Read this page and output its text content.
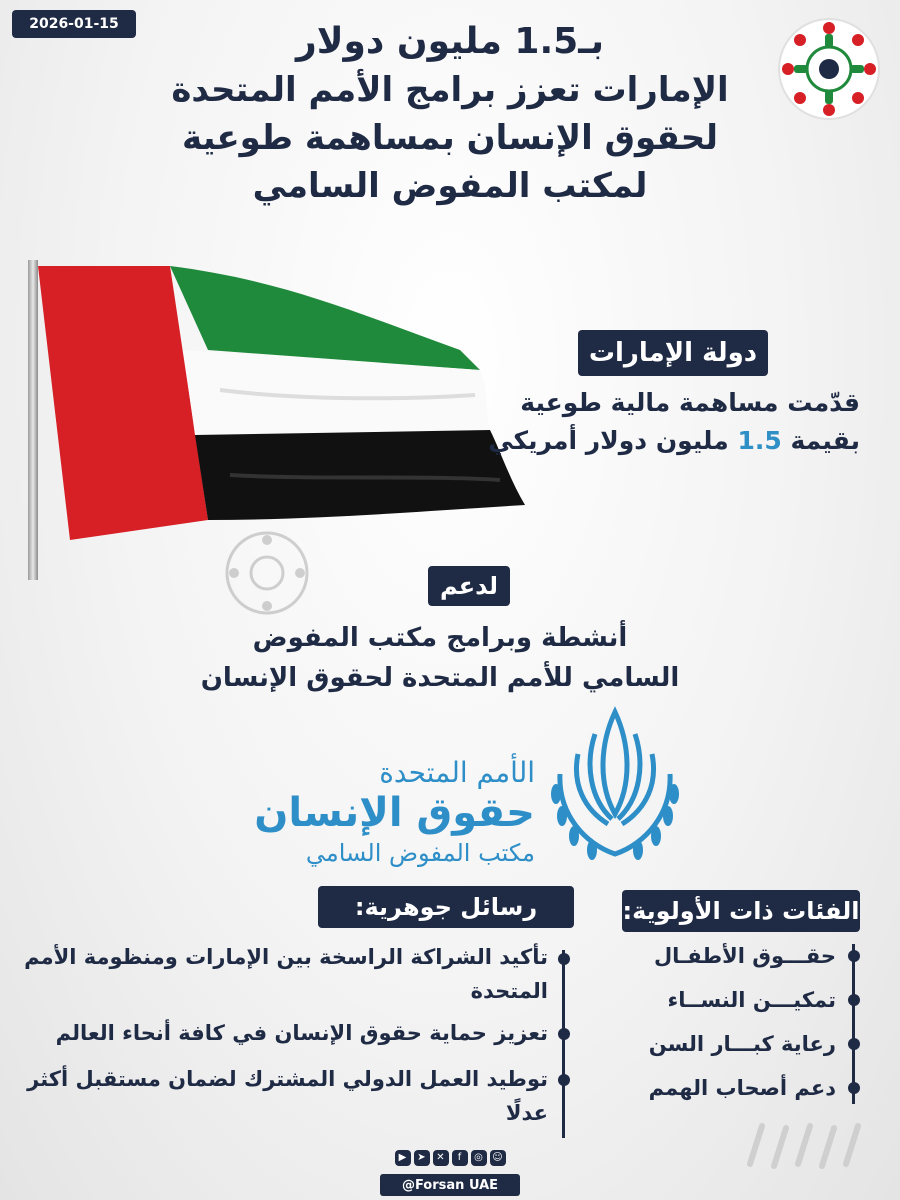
2026-01-15	بـ1.5 مليون دولار
الإمارات تعزز برامج الأمم المتحدة
لحقوق الإنسان بمساهمة طوعية
لمكتب المفوض السامي
دولة الإمارات
قدّمت مساهمة مالية طوعية
بقيمة 1.5 مليون دولار أمريكي
لدعم
أنشطة وبرامج مكتب المفوض
السامي للأمم المتحدة لحقوق الإنسان
الأمم المتحدة
حقوق الإنسان
مكتب المفوض السامي
رسائل جوهرية:	الفئات ذات الأولوية:
تأكيد الشراكة الراسخة بين الإمارات ومنظومة الأمم المتحدة
تعزيز حماية حقوق الإنسان في كافة أنحاء العالم
توطيد العمل الدولي المشترك لضمان مستقبل أكثر عدلًا
حقـــوق الأطفـال
تمكيـــن النســاء
رعاية كبـــار السن
دعم أصحاب الهمم
▶	➤	✕	f	◎ ☺
@Forsan UAE
